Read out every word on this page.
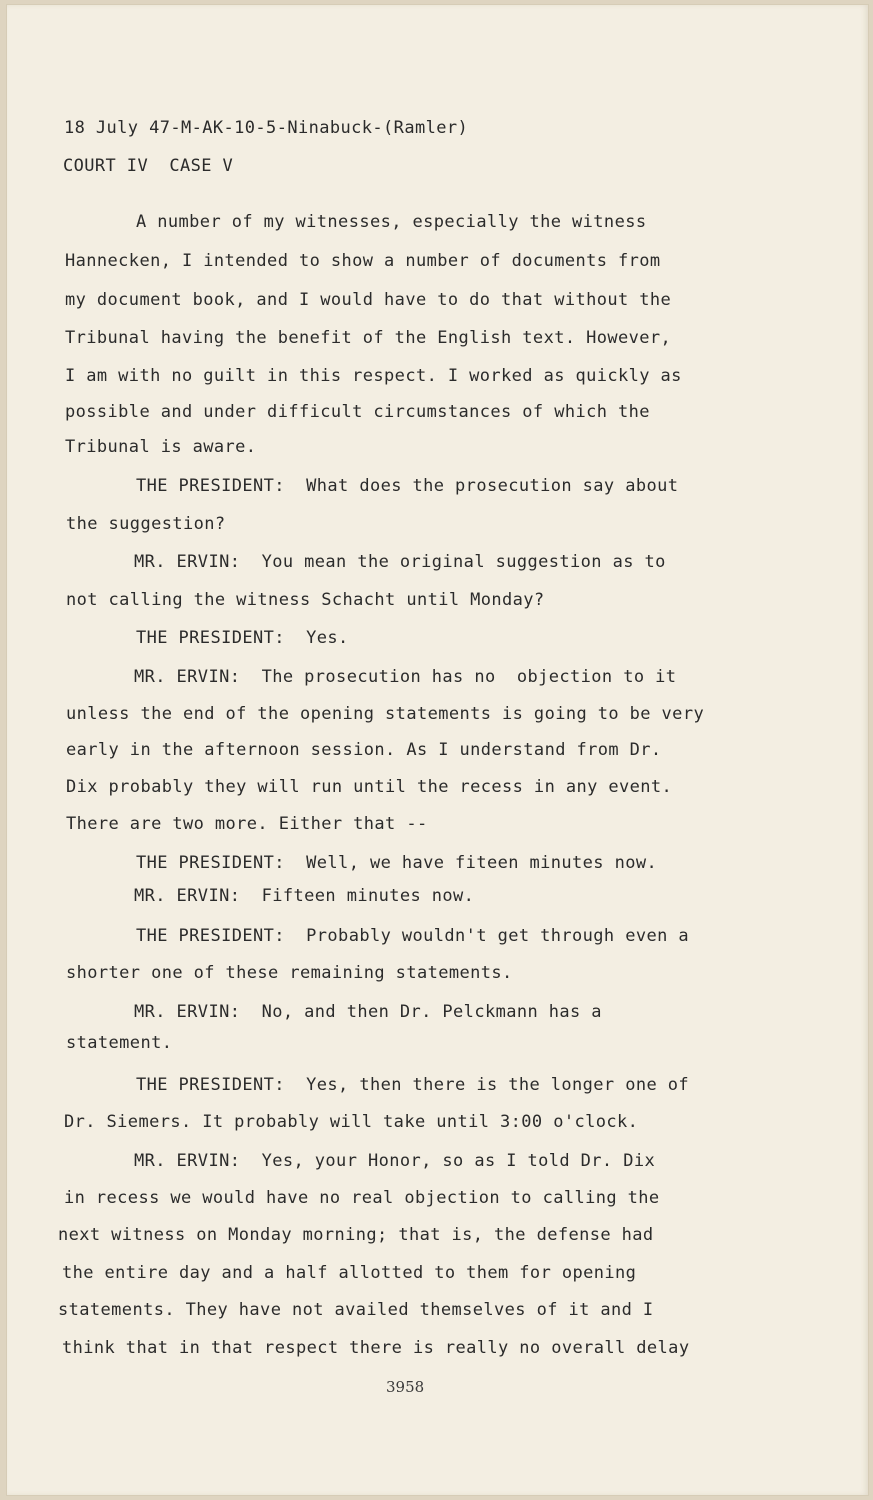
18 July 47-M-AK-10-5-Ninabuck-(Ramler)
COURT IV  CASE V
A number of my witnesses, especially the witness
Hannecken, I intended to show a number of documents from
my document book, and I would have to do that without the
Tribunal having the benefit of the English text. However,
I am with no guilt in this respect. I worked as quickly as
possible and under difficult circumstances of which the
Tribunal is aware.
THE PRESIDENT:  What does the prosecution say about
the suggestion?
MR. ERVIN:  You mean the original suggestion as to
not calling the witness Schacht until Monday?
THE PRESIDENT:  Yes.
MR. ERVIN:  The prosecution has no  objection to it
unless the end of the opening statements is going to be very
early in the afternoon session. As I understand from Dr.
Dix probably they will run until the recess in any event.
There are two more. Either that --
THE PRESIDENT:  Well, we have fiteen minutes now.
MR. ERVIN:  Fifteen minutes now.
THE PRESIDENT:  Probably wouldn't get through even a
shorter one of these remaining statements.
MR. ERVIN:  No, and then Dr. Pelckmann has a
statement.
THE PRESIDENT:  Yes, then there is the longer one of
Dr. Siemers. It probably will take until 3:00 o'clock.
MR. ERVIN:  Yes, your Honor, so as I told Dr. Dix
in recess we would have no real objection to calling the
next witness on Monday morning; that is, the defense had
the entire day and a half allotted to them for opening
statements. They have not availed themselves of it and I
think that in that respect there is really no overall delay
3958
